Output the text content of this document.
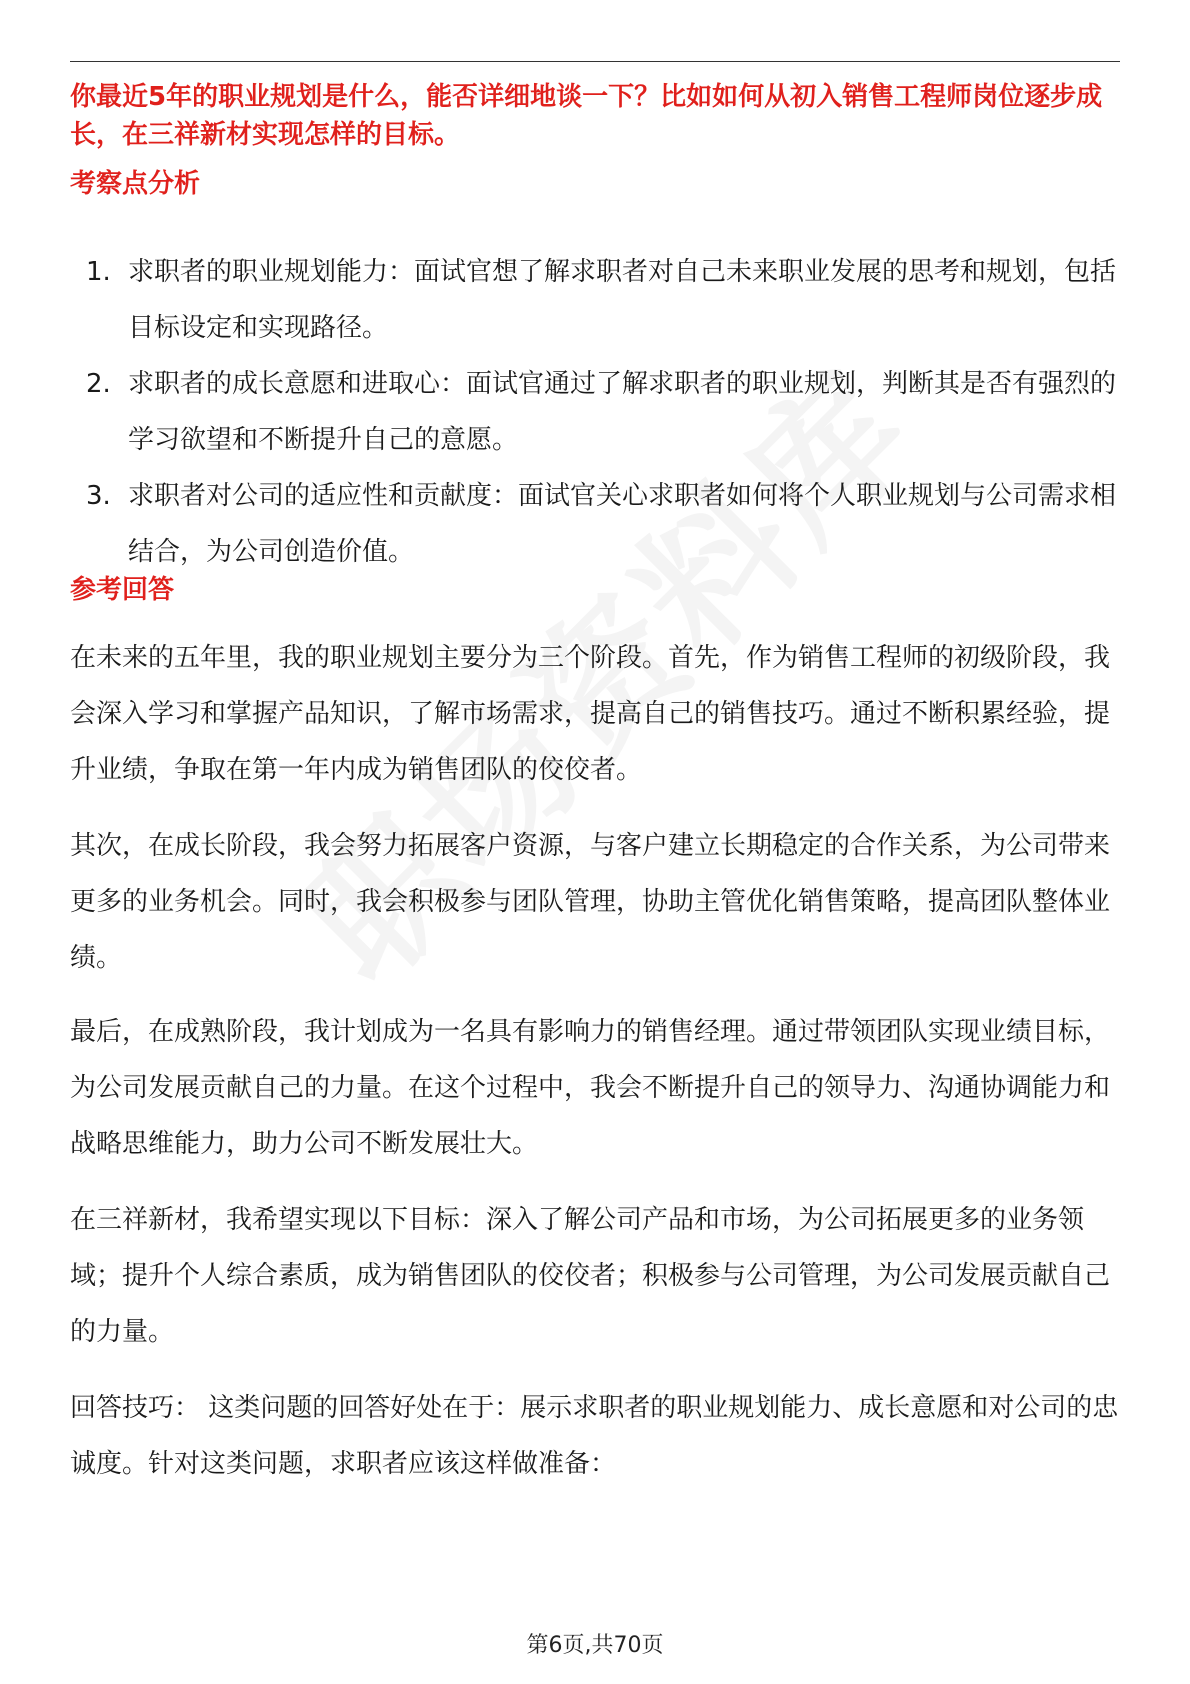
你最近5年的职业规划是什么，能否详细地谈一下？比如如何从初入销售工程师岗位逐步成长，在三祥新材实现怎样的目标。
考察点分析
1. 求职者的职业规划能力：面试官想了解求职者对自己未来职业发展的思考和规划，包括目标设定和实现路径。
2. 求职者的成长意愿和进取心：面试官通过了解求职者的职业规划，判断其是否有强烈的学习欲望和不断提升自己的意愿。
3. 求职者对公司的适应性和贡献度：面试官关心求职者如何将个人职业规划与公司需求相结合，为公司创造价值。
参考回答

在未来的五年里，我的职业规划主要分为三个阶段。首先，作为销售工程师的初级阶段，我会深入学习和掌握产品知识，了解市场需求，提高自己的销售技巧。通过不断积累经验，提升业绩，争取在第一年内成为销售团队的佼佼者。

其次，在成长阶段，我会努力拓展客户资源，与客户建立长期稳定的合作关系，为公司带来更多的业务机会。同时，我会积极参与团队管理，协助主管优化销售策略，提高团队整体业绩。

最后，在成熟阶段，我计划成为一名具有影响力的销售经理。通过带领团队实现业绩目标，为公司发展贡献自己的力量。在这个过程中，我会不断提升自己的领导力、沟通协调能力和战略思维能力，助力公司不断发展壮大。

在三祥新材，我希望实现以下目标：深入了解公司产品和市场，为公司拓展更多的业务领域；提升个人综合素质，成为销售团队的佼佼者；积极参与公司管理，为公司发展贡献自己的力量。

回答技巧： 这类问题的回答好处在于：展示求职者的职业规划能力、成长意愿和对公司的忠诚度。针对这类问题，求职者应该这样做准备：

第6页,共70页
